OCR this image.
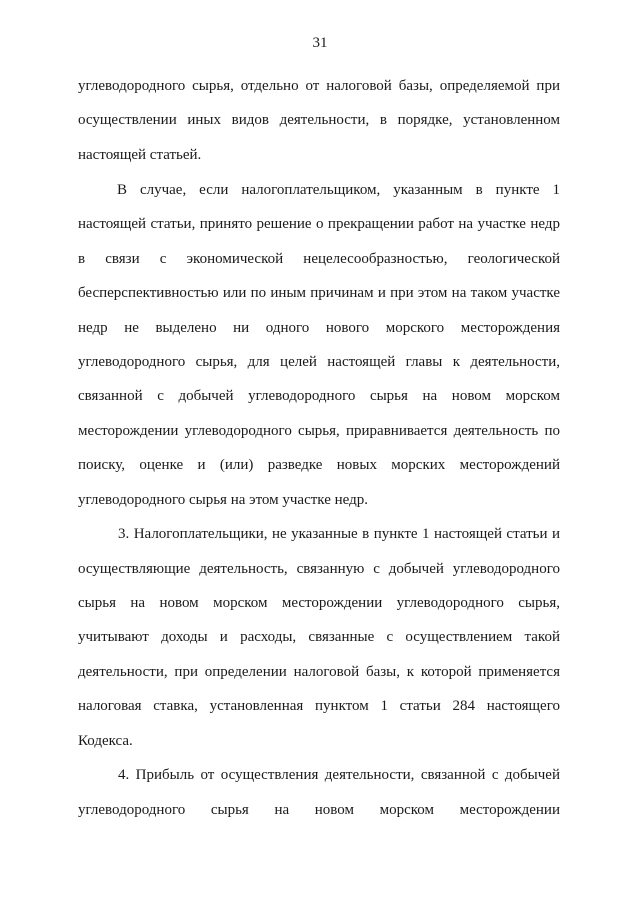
31
углеводородного сырья, отдельно от налоговой базы, определяемой при
осуществлении иных видов деятельности, в порядке, установленном
настоящей статьей.
В случае, если налогоплательщиком, указанным в пункте 1
настоящей статьи, принято решение о прекращении работ на участке недр
в связи с экономической нецелесообразностью, геологической
бесперспективностью или по иным причинам и при этом на таком участке
недр не выделено ни одного нового морского месторождения
углеводородного сырья, для целей настоящей главы к деятельности,
связанной с добычей углеводородного сырья на новом морском
месторождении углеводородного сырья, приравнивается деятельность по
поиску, оценке и (или) разведке новых морских месторождений
углеводородного сырья на этом участке недр.
3. Налогоплательщики, не указанные в пункте 1 настоящей статьи и
осуществляющие деятельность, связанную с добычей углеводородного
сырья на новом морском месторождении углеводородного сырья,
учитывают доходы и расходы, связанные с осуществлением такой
деятельности, при определении налоговой базы, к которой применяется
налоговая ставка, установленная пунктом 1 статьи 284 настоящего
Кодекса.
4. Прибыль от осуществления деятельности, связанной с добычей
углеводородного сырья на новом морском месторождении
